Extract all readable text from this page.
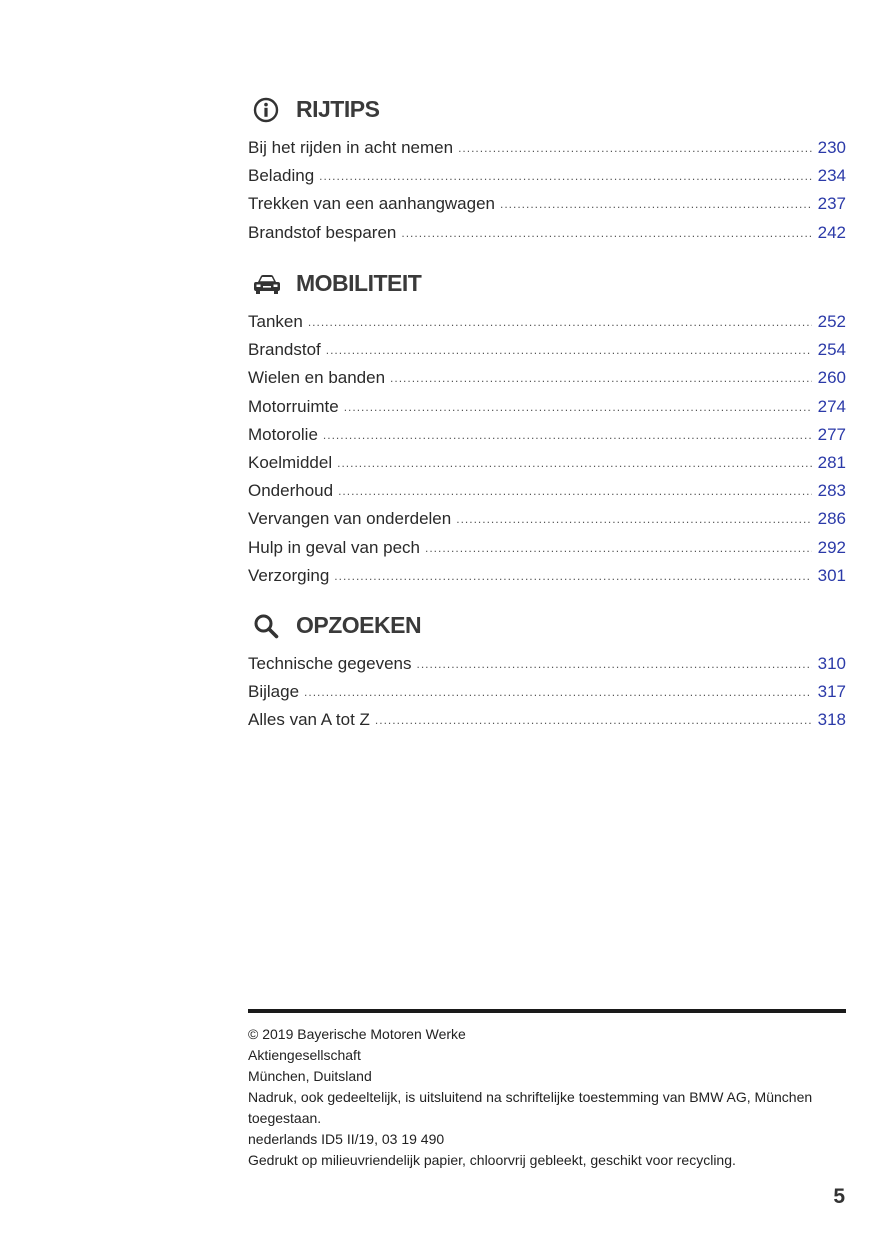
RIJTIPS
Bij het rijden in acht nemen .....	230
Belading .....	234
Trekken van een aanhangwagen .....	237
Brandstof besparen .....	242
MOBILITEIT
Tanken .....	252
Brandstof .....	254
Wielen en banden .....	260
Motorruimte .....	274
Motorolie .....	277
Koelmiddel .....	281
Onderhoud .....	283
Vervangen van onderdelen .....	286
Hulp in geval van pech .....	292
Verzorging .....	301
OPZOEKEN
Technische gegevens .....	310
Bijlage .....	317
Alles van A tot Z .....	318
© 2019 Bayerische Motoren Werke
Aktiengesellschaft
München, Duitsland
Nadruk, ook gedeeltelijk, is uitsluitend na schriftelijke toestemming van BMW AG, München toegestaan.
nederlands ID5 II/19, 03 19 490
Gedrukt op milieuvriendelijk papier, chloorvrij gebleekt, geschikt voor recycling.
5
